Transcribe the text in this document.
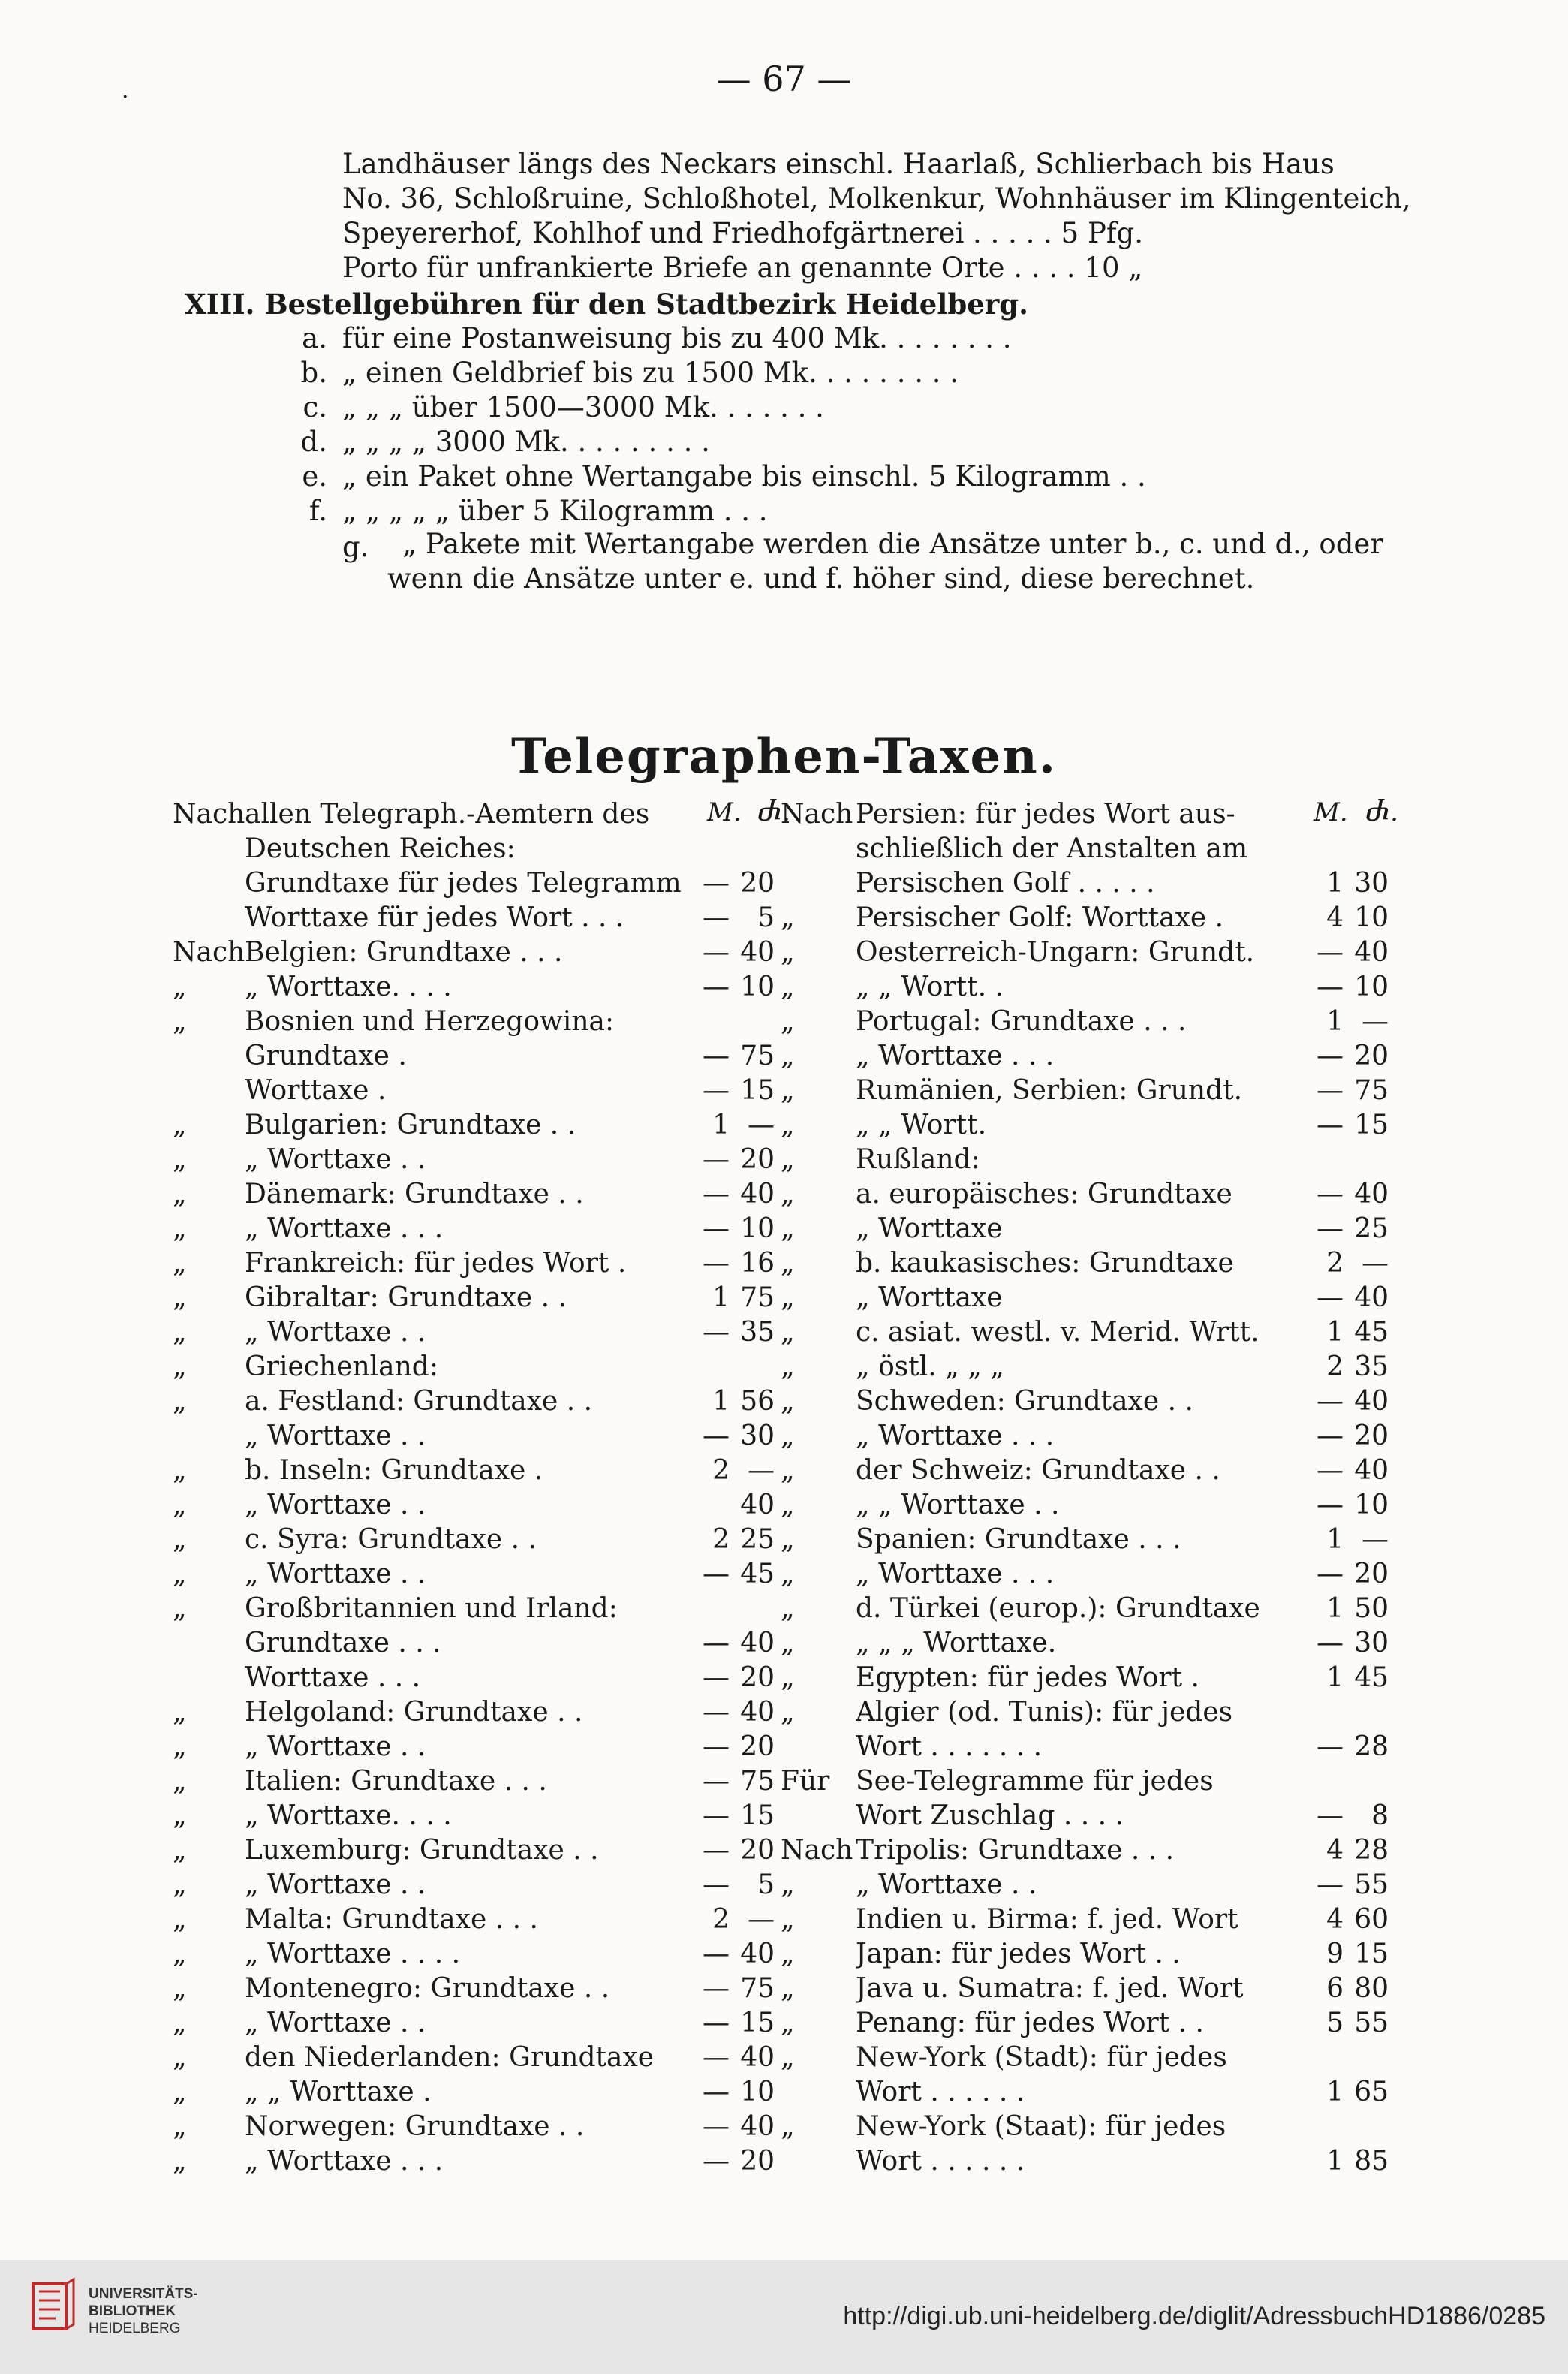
·	— 67 —
Landhäuser längs des Neckars einschl. Haarlaß, Schlierbach bis Haus
No. 36, Schloßruine, Schloßhotel, Molkenkur, Wohnhäuser im Klingenteich,
Speyererhof, Kohlhof und Friedhofgärtnerei . . . . . 5 Pfg.
Porto für unfrankierte Briefe an genannte Orte . . . . 10 „
XIII. Bestellgebühren für den Stadtbezirk Heidelberg.
a. für eine Postanweisung bis zu 400 Mk. . . . . . . .
b. „ einen Geldbrief bis zu 1500 Mk. . . . . . . . .
c. „ „ „ über 1500—3000 Mk. . . . . . .
d. „ „ „ „ 3000 Mk. . . . . . . . .
e. „ ein Paket ohne Wertangabe bis einschl. 5 Kilogramm . .
f. „ „ „ „ „ über 5 Kilogramm . . .
g. „ Pakete mit Wertangabe werden die Ansätze unter b., c. und d., oder
wenn die Ansätze unter e. und f. höher sind, diese berechnet.
Telegraphen-Taxen.
M. Ⴛ.
Nach allen Telegraph.-Aemtern des
Deutschen Reiches:
Grundtaxe für jedes Telegramm — 20
Worttaxe für jedes Wort . . .	—	5
Nach Belgien: Grundtaxe . . .	— 40
„ „ Worttaxe. . . .	— 10
„ Bosnien und Herzegowina:
Grundtaxe .	— 75
Worttaxe .	— 15
„ Bulgarien: Grundtaxe . .	1 —
„ „ Worttaxe . .	— 20
„ Dänemark: Grundtaxe . .	— 40
„ „ Worttaxe . . .	— 10
„ Frankreich: für jedes Wort .	— 16
„ Gibraltar: Grundtaxe . .	1 75
„ „ Worttaxe . .	— 35
„ Griechenland:
„ a. Festland: Grundtaxe . .	1 56
„ Worttaxe . .	— 30
„ b. Inseln: Grundtaxe .	2 —
„ „ Worttaxe . .	40
„ c. Syra: Grundtaxe . .	2 25
„ „ Worttaxe . .	— 45
„ Großbritannien und Irland:
Grundtaxe . . .	— 40
Worttaxe . . .	— 20
„ Helgoland: Grundtaxe . .	— 40
„ „ Worttaxe . .	— 20
„ Italien: Grundtaxe . . .	— 75
„ „ Worttaxe. . . .	— 15
„ Luxemburg: Grundtaxe . .	— 20
„ „ Worttaxe . .	—	5
„ Malta: Grundtaxe . . .	2 —
„ „ Worttaxe . . . .	— 40
„ Montenegro: Grundtaxe . .	— 75
„ „ Worttaxe . .	— 15
„ den Niederlanden: Grundtaxe	— 40
„ „ „ Worttaxe .	— 10
„ Norwegen: Grundtaxe . .	— 40
„ „ Worttaxe . . .	— 20
M. Ⴛ.
Nach Persien: für jedes Wort aus-
schließlich der Anstalten am
Persischen Golf . . . . .	1 30
„ Persischer Golf: Worttaxe .	4 10
„ Oesterreich-Ungarn: Grundt.	— 40
„ „ „ Wortt. .	— 10
„ Portugal: Grundtaxe . . .	1 —
„ „ Worttaxe . . .	— 20
„ Rumänien, Serbien: Grundt.	— 75
„ „ „ Wortt.	— 15
„ Rußland:
„ a. europäisches: Grundtaxe	— 40
„ „ Worttaxe	— 25
„ b. kaukasisches: Grundtaxe	2 —
„ „ Worttaxe	— 40
„ c. asiat. westl. v. Merid. Wrtt.	1 45
„ „ östl. „ „ „	2 35
„ Schweden: Grundtaxe . .	— 40
„ „ Worttaxe . . .	— 20
„ der Schweiz: Grundtaxe . .	— 40
„ „ „ Worttaxe . .	— 10
„ Spanien: Grundtaxe . . .	1 —
„ „ Worttaxe . . .	— 20
„ d. Türkei (europ.): Grundtaxe	1 50
„ „ „ „ Worttaxe.	— 30
„ Egypten: für jedes Wort .	1 45
„ Algier (od. Tunis): für jedes
Wort . . . . . . .	— 28
Für See-Telegramme für jedes
Wort Zuschlag . . . .	—	8
Nach Tripolis: Grundtaxe . . .	4 28
„ „ Worttaxe . .	— 55
„ Indien u. Birma: f. jed. Wort	4 60
„ Japan: für jedes Wort . .	9 15
„ Java u. Sumatra: f. jed. Wort	6 80
„ Penang: für jedes Wort . .	5 55
„ New-York (Stadt): für jedes
Wort . . . . . .	1 65
„ New-York (Staat): für jedes
Wort . . . . . .	1 85
UNIVERSITÄTS-
BIBLIOTHEK
HEIDELBERG	http://digi.ub.uni-heidelberg.de/diglit/AdressbuchHD1886/0285
